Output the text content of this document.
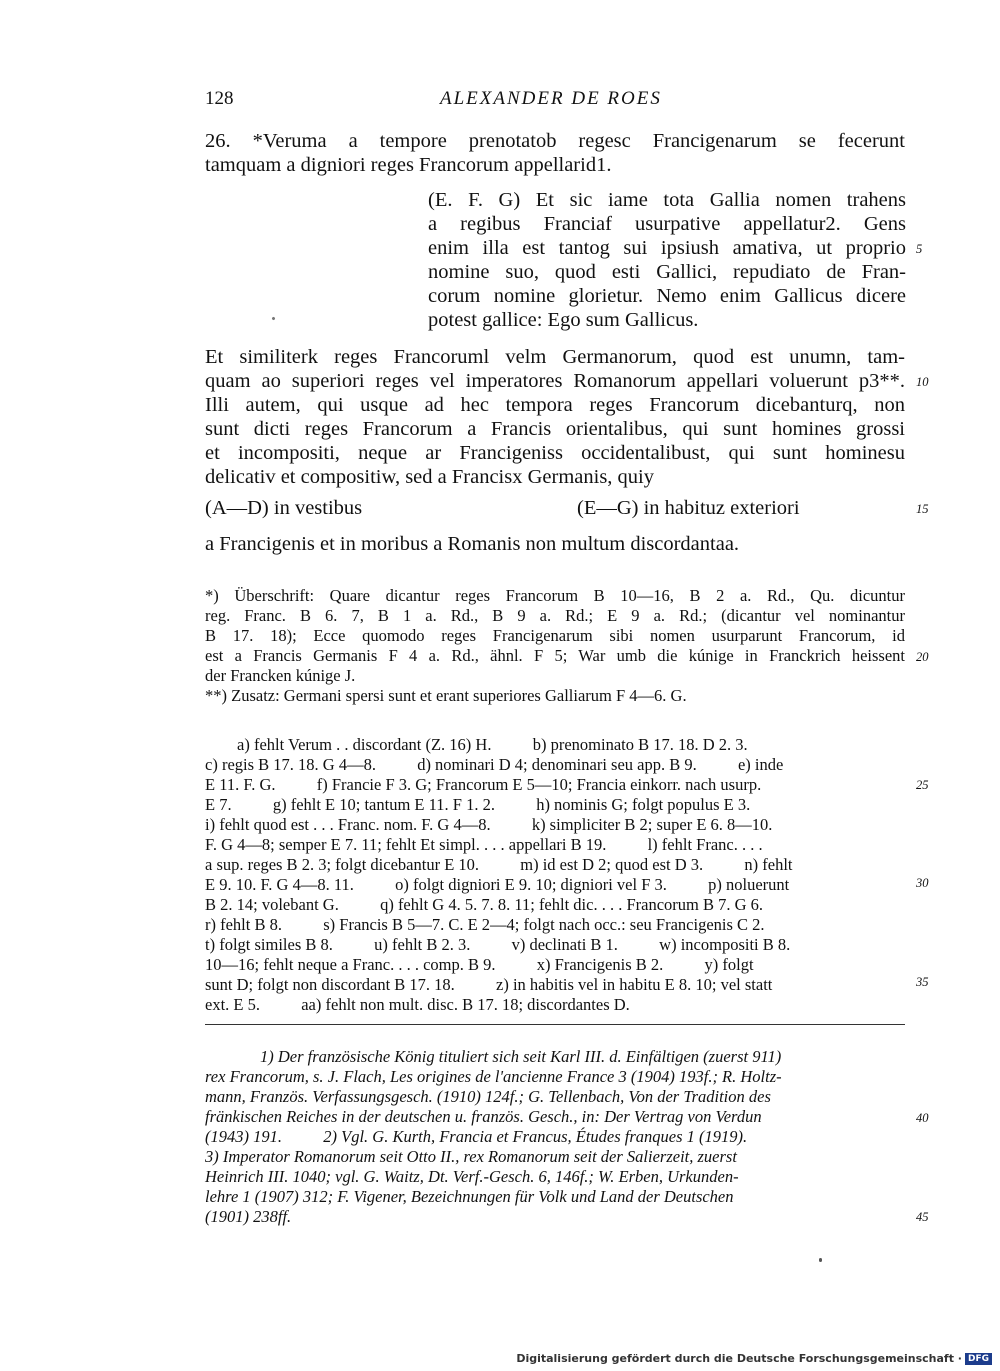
128	ALEXANDER DE ROES
26. *Veruma a tempore prenotatob regesc Francigenarum se fecerunt
tamquam a digniori reges Francorum appellarid1.
(E. F. G) Et sic iame tota Gallia nomen trahens
a regibus Franciaf usurpative appellatur2. Gens
enim illa est tantog sui ipsiush amativa, ut proprio
nomine suo, quod esti Gallici, repudiato de Fran-
corum nomine glorietur. Nemo enim Gallicus dicere
potest gallice: Ego sum Gallicus.
Et similiterk reges Francoruml velm Germanorum, quod est unumn, tam-
quam ao superiori reges vel imperatores Romanorum appellari voluerunt p3**.
Illi autem, qui usque ad hec tempora reges Francorum dicebanturq, non
sunt dicti reges Francorum a Francis orientalibus, qui sunt homines grossi
et incompositi, neque ar Francigeniss occidentalibust, qui sunt hominesu
delicativ et compositiw, sed a Francisx Germanis, quiy
(A—D) in vestibus	(E—G) in habituz exteriori
a Francigenis et in moribus a Romanis non multum discordantaa.
*) Überschrift: Quare dicantur reges Francorum B 10—16, B 2 a. Rd., Qu. dicuntur
reg. Franc. B 6. 7, B 1 a. Rd., B 9 a. Rd.; E 9 a. Rd.; (dicantur vel nominantur
B 17. 18); Ecce quomodo reges Francigenarum sibi nomen usurparunt Francorum, id
est a Francis Germanis F 4 a. Rd., ähnl. F 5; War umb die kúnige in Franckrich heissent
der Francken kúnige J.
**) Zusatz: Germani spersi sunt et erant superiores Galliarum F 4—6. G.
a) fehlt Verum . . discordant (Z. 16) H.          b) prenominato B 17. 18. D 2. 3.
c) regis B 17. 18. G 4—8.          d) nominari D 4; denominari seu app. B 9.          e) inde
E 11. F. G.          f) Francie F 3. G; Francorum E 5—10; Francia einkorr. nach usurp.
E 7.          g) fehlt E 10; tantum E 11. F 1. 2.          h) nominis G; folgt populus E 3.
i) fehlt quod est . . . Franc. nom. F. G 4—8.          k) simpliciter B 2; super E 6. 8—10.
F. G 4—8; semper E 7. 11; fehlt Et simpl. . . . appellari B 19.          l) fehlt Franc. . . .
a sup. reges B 2. 3; folgt dicebantur E 10.          m) id est D 2; quod est D 3.          n) fehlt
E 9. 10. F. G 4—8. 11.          o) folgt digniori E 9. 10; digniori vel F 3.          p) noluerunt
B 2. 14; volebant G.          q) fehlt G 4. 5. 7. 8. 11; fehlt dic. . . . Francorum B 7. G 6.
r) fehlt B 8.          s) Francis B 5—7. C. E 2—4; folgt nach occ.: seu Francigenis C 2.
t) folgt similes B 8.          u) fehlt B 2. 3.          v) declinati B 1.          w) incompositi B 8.
10—16; fehlt neque a Franc. . . . comp. B 9.          x) Francigenis B 2.          y) folgt
sunt D; folgt non discordant B 17. 18.          z) in habitis vel in habitu E 8. 10; vel statt
ext. E 5.          aa) fehlt non mult. disc. B 17. 18; discordantes D.
1) Der französische König tituliert sich seit Karl III. d. Einfältigen (zuerst 911)
rex Francorum, s. J. Flach, Les origines de l'ancienne France 3 (1904) 193f.; R. Holtz-
mann, Französ. Verfassungsgesch. (1910) 124f.; G. Tellenbach, Von der Tradition des
fränkischen Reiches in der deutschen u. französ. Gesch., in: Der Vertrag von Verdun
(1943) 191.          2) Vgl. G. Kurth, Francia et Francus, Études franques 1 (1919).
3) Imperator Romanorum seit Otto II., rex Romanorum seit der Salierzeit, zuerst
Heinrich III. 1040; vgl. G. Waitz, Dt. Verf.-Gesch. 6, 146f.; W. Erben, Urkunden-
lehre 1 (1907) 312; F. Vigener, Bezeichnungen für Volk und Land der Deutschen
(1901) 238ff.
5
10
15
20
25
30
35
40
45
Digitalisierung gefördert durch die Deutsche Forschungsgemeinschaft · DFG
